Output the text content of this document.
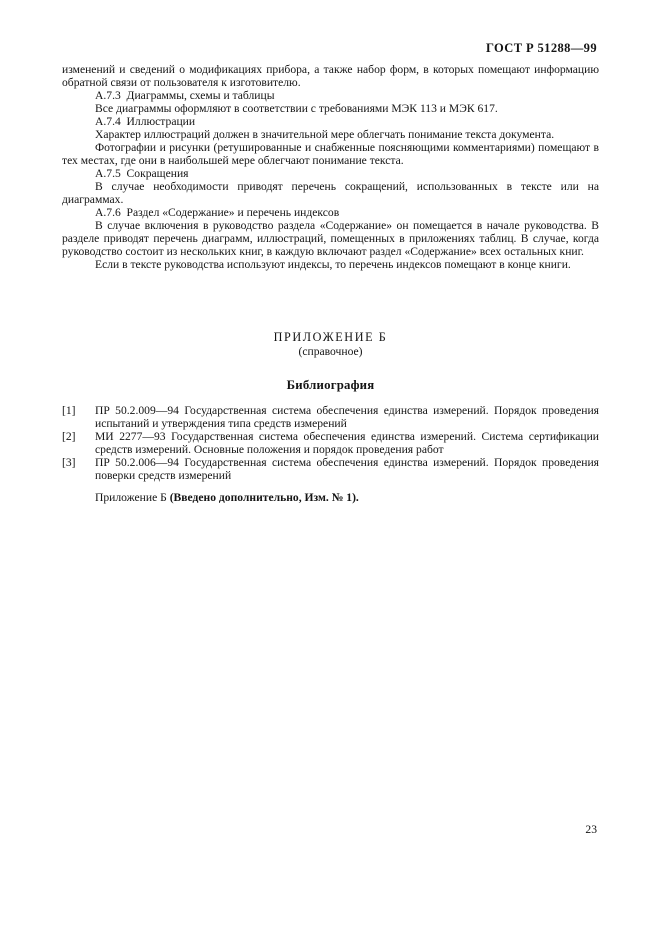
ГОСТ Р 51288—99

изменений и сведений о модификациях прибора, а также набор форм, в которых помещают информацию обратной связи от пользователя к изготовителю.

А.7.3  Диаграммы, схемы и таблицы

Все диаграммы оформляют в соответствии с требованиями МЭК 113 и МЭК 617.

А.7.4  Иллюстрации

Характер иллюстраций должен в значительной мере облегчать понимание текста документа.

Фотографии и рисунки (ретушированные и снабженные поясняющими комментариями) помещают в тех местах, где они в наибольшей мере облегчают понимание текста.

А.7.5  Сокращения

В случае необходимости приводят перечень сокращений, использованных в тексте или на диаграммах.

А.7.6  Раздел «Содержание» и перечень индексов

В случае включения в руководство раздела «Содержание» он помещается в начале руководства. В разделе приводят перечень диаграмм, иллюстраций, помещенных в приложениях таблиц. В случае, когда руководство состоит из нескольких книг, в каждую включают раздел «Содержание» всех остальных книг.

Если в тексте руководства используют индексы, то перечень индексов помещают в конце книги.

ПРИЛОЖЕНИЕ Б
(справочное)
Библиография
[1] ПР 50.2.009—94 Государственная система обеспечения единства измерений. Порядок проведения испытаний и утверждения типа средств измерений
[2] МИ 2277—93 Государственная система обеспечения единства измерений. Система сертификации средств измерений. Основные положения и порядок проведения работ
[3] ПР 50.2.006—94 Государственная система обеспечения единства измерений. Порядок проведения поверки средств измерений

Приложение Б (Введено дополнительно, Изм. № 1).

23
